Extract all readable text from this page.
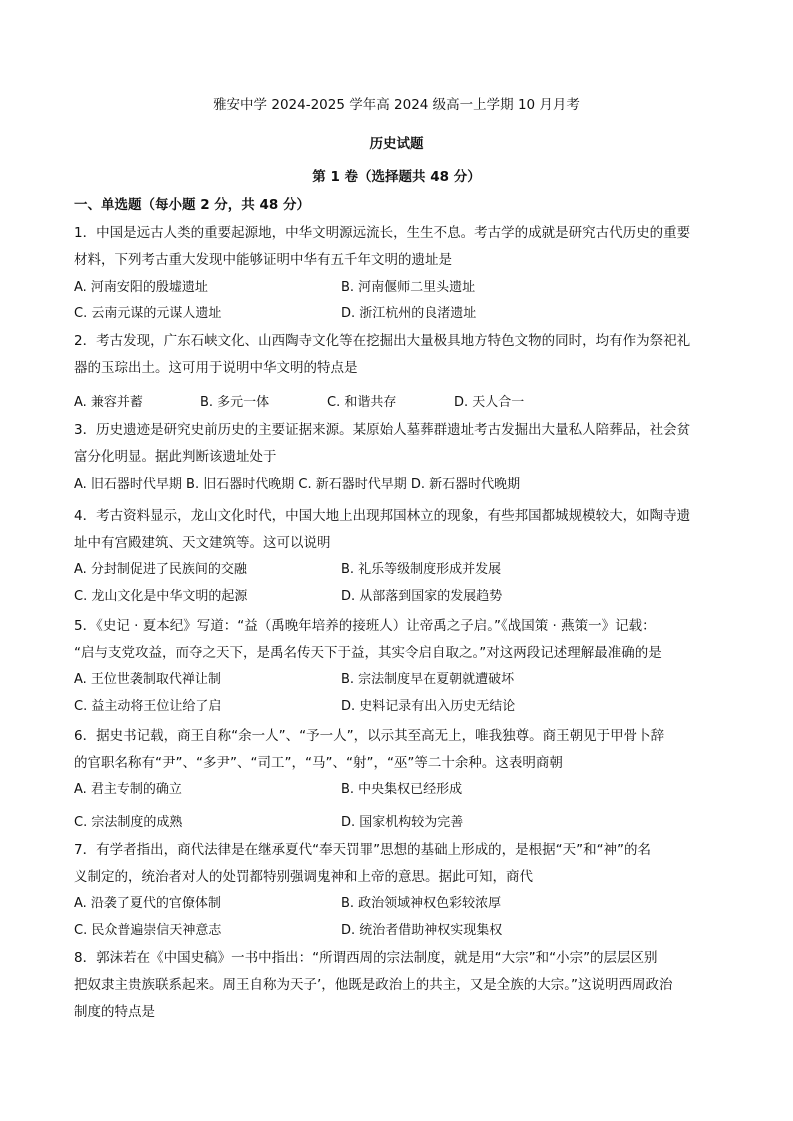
雅安中学 2024-2025 学年高 2024 级高一上学期 10 月月考
历史试题
第 1 卷（选择题共 48 分）
一、单选题（每小题 2 分，共 48 分）
1．中国是远古人类的重要起源地，中华文明源远流长，生生不息。考古学的成就是研究古代历史的重要
材料，下列考古重大发现中能够证明中华有五千年文明的遗址是
A. 河南安阳的殷墟遗址	B. 河南偃师二里头遗址
C. 云南元谋的元谋人遗址	D. 浙江杭州的良渚遗址
2．考古发现，广东石峡文化、山西陶寺文化等在挖掘出大量极具地方特色文物的同时，均有作为祭祀礼
器的玉琮出土。这可用于说明中华文明的特点是
A. 兼容并蓄	B. 多元一体	C. 和谐共存	D. 天人合一
3．历史遗迹是研究史前历史的主要证据来源。某原始人墓葬群遗址考古发掘出大量私人陪葬品，社会贫
富分化明显。据此判断该遗址处于
A. 旧石器时代早期 B. 旧石器时代晚期 C. 新石器时代早期 D. 新石器时代晚期
4．考古资料显示，龙山文化时代，中国大地上出现邦国林立的现象，有些邦国都城规模较大，如陶寺遗
址中有宫殿建筑、天文建筑等。这可以说明
A. 分封制促进了民族间的交融	B. 礼乐等级制度形成并发展
C. 龙山文化是中华文明的起源	D. 从部落到国家的发展趋势
5．《史记 · 夏本纪》写道：“益（禹晚年培养的接班人）让帝禹之子启。”《战国策 · 燕策一》记载：
“启与支党攻益，而夺之天下，是禹名传天下于益，其实令启自取之。”对这两段记述理解最准确的是
A. 王位世袭制取代禅让制	B. 宗法制度早在夏朝就遭破坏
C. 益主动将王位让给了启	D. 史料记录有出入历史无结论
6．据史书记载，商王自称“余一人”、“予一人”，以示其至高无上，唯我独尊。商王朝见于甲骨卜辞
的官职名称有“尹”、“多尹”、“司工”，“马”、“射”，“巫”等二十余种。这表明商朝
A. 君主专制的确立	B. 中央集权已经形成
C. 宗法制度的成熟	D. 国家机构较为完善
7．有学者指出，商代法律是在继承夏代“奉天罚罪”思想的基础上形成的，是根据“天”和“神”的名
义制定的，统治者对人的处罚都特别强调鬼神和上帝的意思。据此可知，商代
A. 沿袭了夏代的官僚体制	B. 政治领域神权色彩较浓厚
C. 民众普遍崇信天神意志	D. 统治者借助神权实现集权
8．郭沫若在《中国史稿》一书中指出：“所谓西周的宗法制度，就是用“大宗”和“小宗”的层层区别
把奴隶主贵族联系起来。周王自称为天子’，他既是政治上的共主，又是全族的大宗。”这说明西周政治
制度的特点是
